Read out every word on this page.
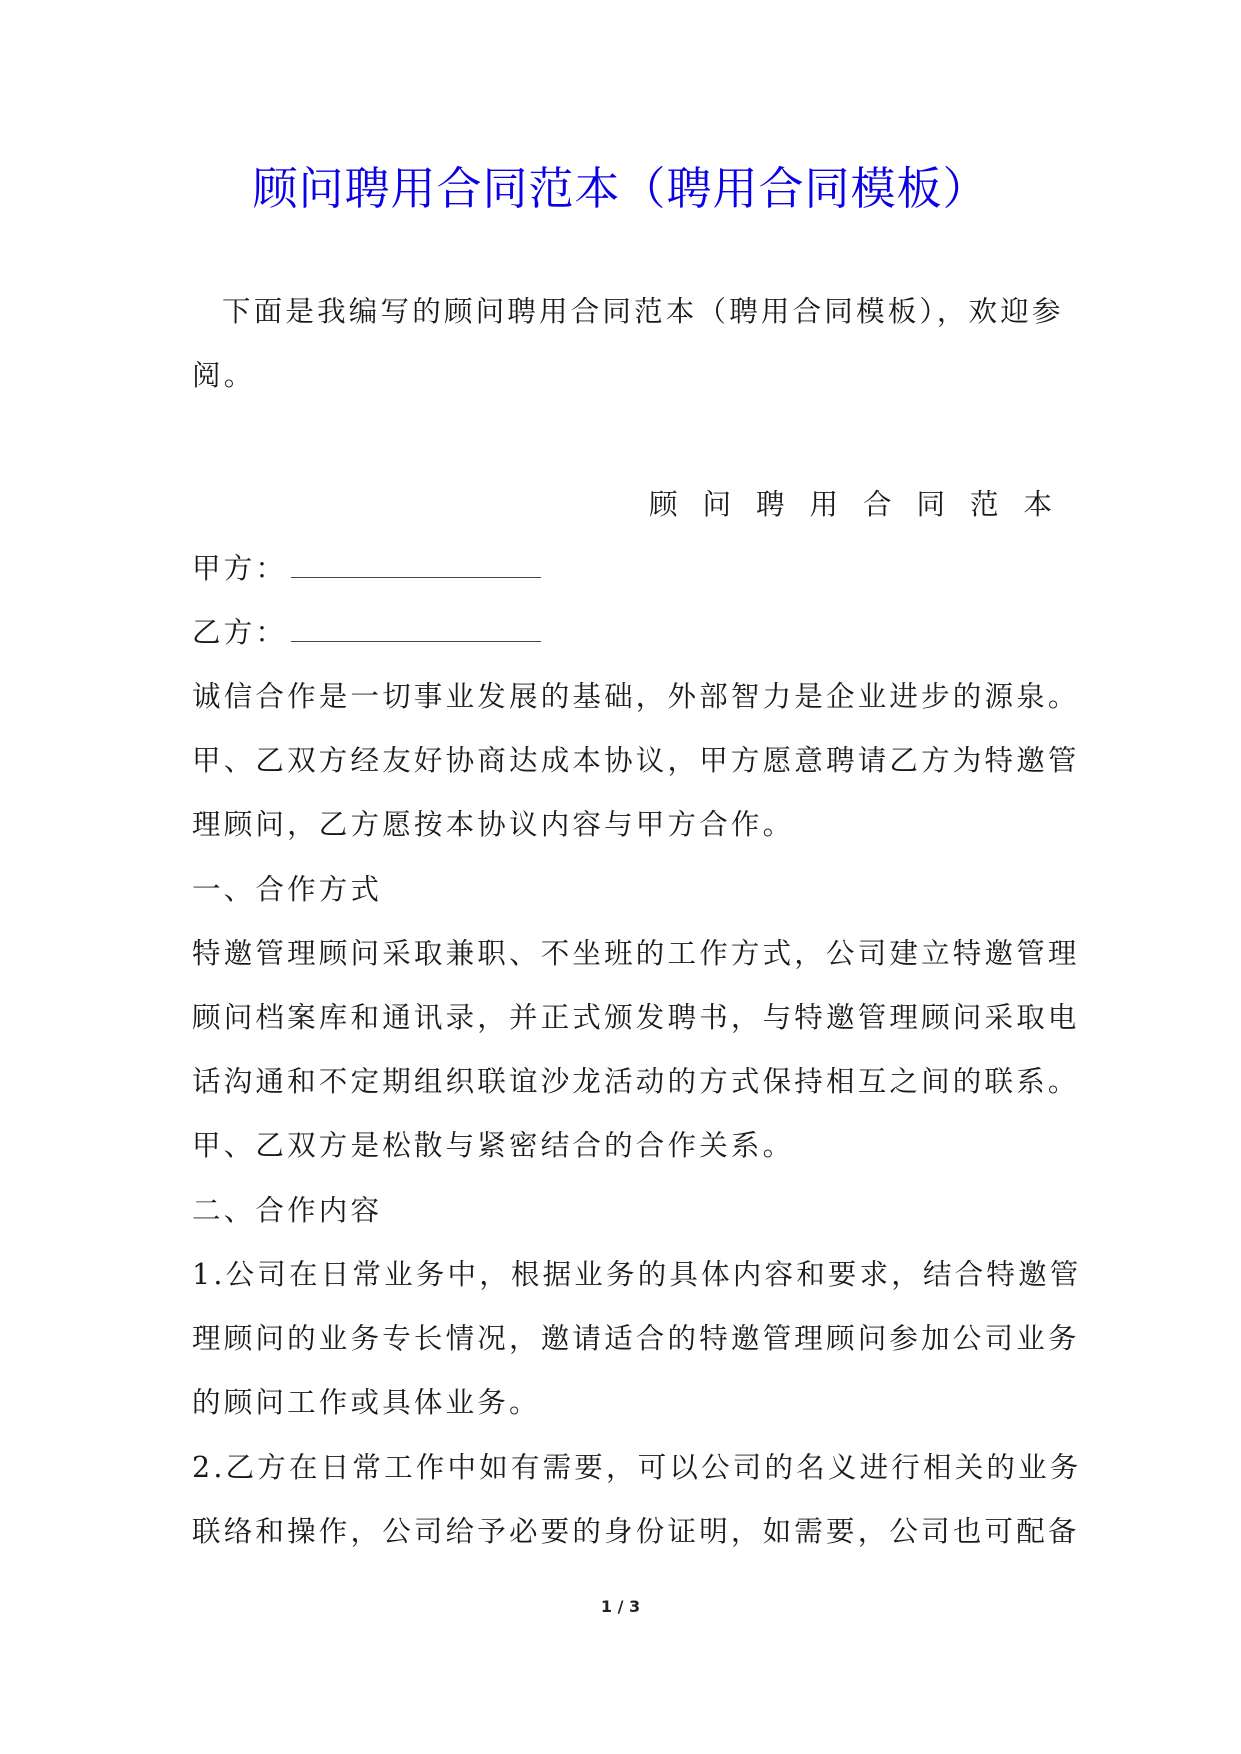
顾问聘用合同范本（聘用合同模板）
下面是我编写的顾问聘用合同范本（聘用合同模板），欢迎参
阅。
顾问聘用合同范本
甲方：
乙方：
诚信合作是一切事业发展的基础，外部智力是企业进步的源泉。
甲、乙双方经友好协商达成本协议，甲方愿意聘请乙方为特邀管
理顾问，乙方愿按本协议内容与甲方合作。
一、合作方式
特邀管理顾问采取兼职、不坐班的工作方式，公司建立特邀管理
顾问档案库和通讯录，并正式颁发聘书，与特邀管理顾问采取电
话沟通和不定期组织联谊沙龙活动的方式保持相互之间的联系。
甲、乙双方是松散与紧密结合的合作关系。
二、合作内容
1.公司在日常业务中，根据业务的具体内容和要求，结合特邀管
理顾问的业务专长情况，邀请适合的特邀管理顾问参加公司业务
的顾问工作或具体业务。
2.乙方在日常工作中如有需要，可以公司的名义进行相关的业务
联络和操作，公司给予必要的身份证明，如需要，公司也可配备
1 / 3
